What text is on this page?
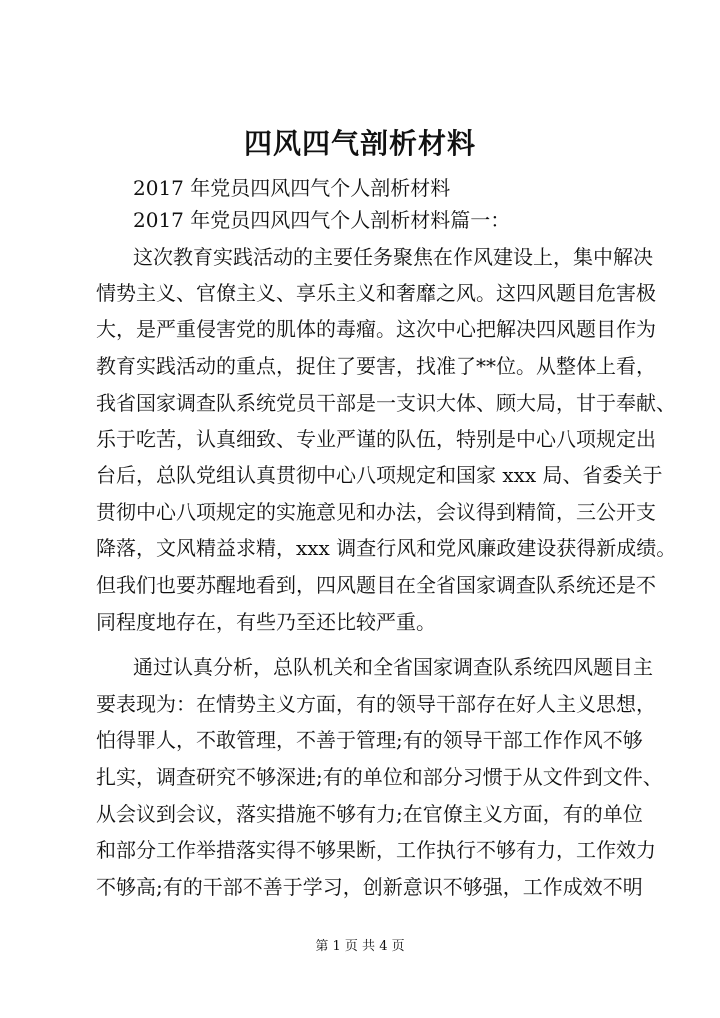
四风四气剖析材料
2017 年党员四风四气个人剖析材料
2017 年党员四风四气个人剖析材料篇一：
这次教育实践活动的主要任务聚焦在作风建设上，集中解决
情势主义、官僚主义、享乐主义和奢靡之风。这四风题目危害极
大，是严重侵害党的肌体的毒瘤。这次中心把解决四风题目作为
教育实践活动的重点，捉住了要害，找准了**位。从整体上看，
我省国家调查队系统党员干部是一支识大体、顾大局，甘于奉献、
乐于吃苦，认真细致、专业严谨的队伍，特别是中心八项规定出
台后，总队党组认真贯彻中心八项规定和国家 xxx 局、省委关于
贯彻中心八项规定的实施意见和办法，会议得到精简，三公开支
降落，文风精益求精，xxx 调查行风和党风廉政建设获得新成绩。
但我们也要苏醒地看到，四风题目在全省国家调查队系统还是不
同程度地存在，有些乃至还比较严重。
通过认真分析，总队机关和全省国家调查队系统四风题目主
要表现为：在情势主义方面，有的领导干部存在好人主义思想，
怕得罪人，不敢管理，不善于管理;有的领导干部工作作风不够
扎实，调查研究不够深进;有的单位和部分习惯于从文件到文件、
从会议到会议，落实措施不够有力;在官僚主义方面，有的单位
和部分工作举措落实得不够果断，工作执行不够有力，工作效力
不够高;有的干部不善于学习，创新意识不够强，工作成效不明
第 1 页 共 4 页
